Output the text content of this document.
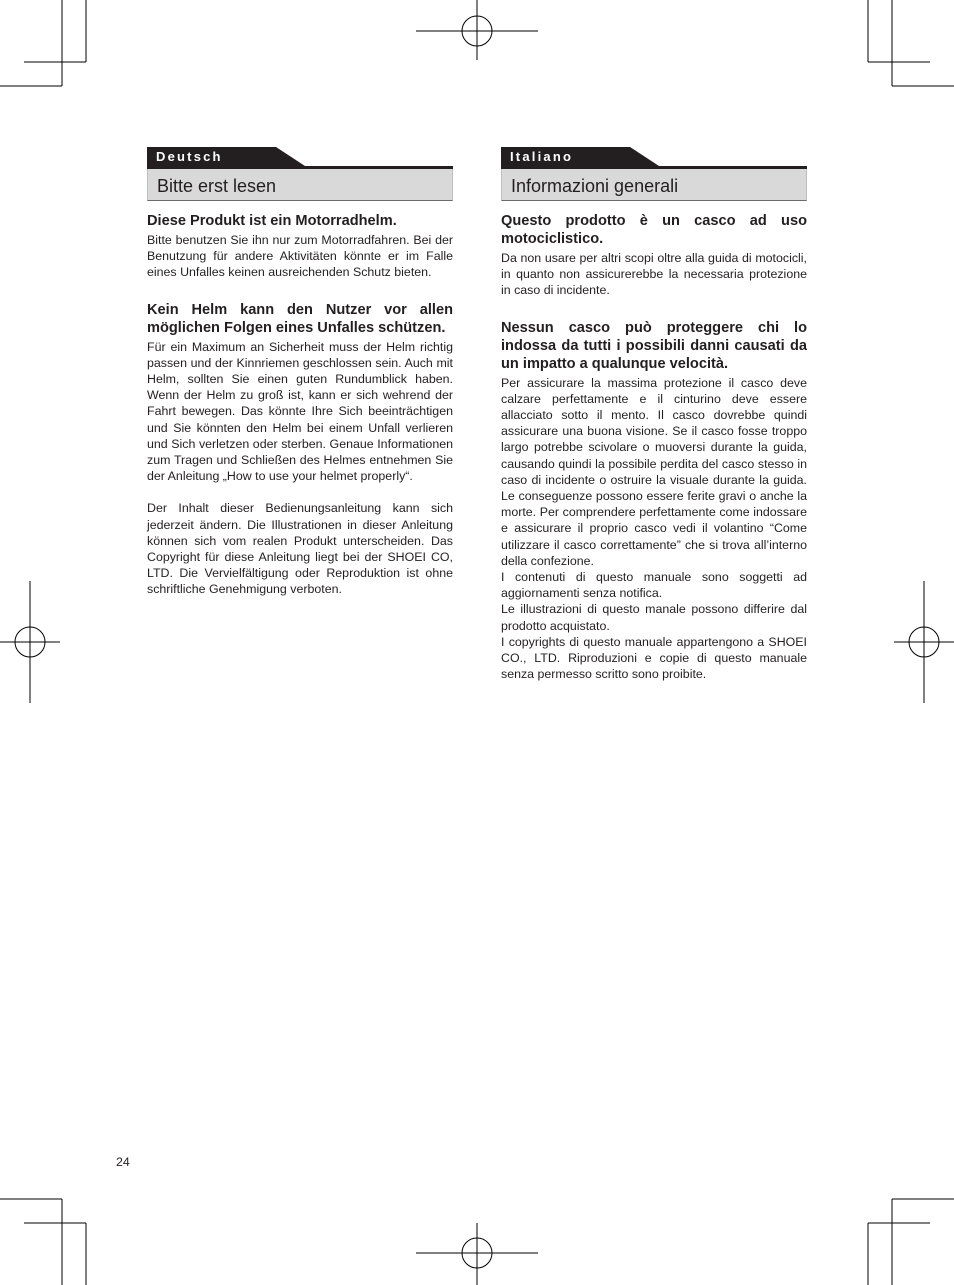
Deutsch
Bitte erst lesen
Diese Produkt ist ein Motorradhelm.

Bitte benutzen Sie ihn nur zum Motorradfahren. Bei der Benutzung für andere Aktivitäten könnte er im Falle eines Unfalles keinen ausreichenden Schutz bieten.

Kein Helm kann den Nutzer vor allen möglichen Folgen eines Unfalles schützen.

Für ein Maximum an Sicherheit muss der Helm richtig passen und der Kinnriemen geschlossen sein. Auch mit Helm, sollten Sie einen guten Rundumblick haben. Wenn der Helm zu groß ist, kann er sich wehrend der Fahrt bewegen. Das könnte Ihre Sich beeinträchtigen und Sie könnten den Helm bei einem Unfall verlieren und Sich verletzen oder sterben. Genaue Informationen zum Tragen und Schließen des Helmes entnehmen Sie der Anleitung „How to use your helmet properly“.

Der Inhalt dieser Bedienungsanleitung kann sich jederzeit ändern. Die Illustrationen in dieser Anleitung können sich vom realen Produkt unterscheiden. Das Copyright für diese Anleitung liegt bei der SHOEI CO, LTD. Die Vervielfältigung oder Reproduktion ist ohne schriftliche Genehmigung verboten.

Italiano
Informazioni generali
Questo prodotto è un casco ad uso motociclistico.

Da non usare per altri scopi oltre alla guida di motocicli, in quanto non assicurerebbe la necessaria protezione in caso di incidente.

Nessun casco può proteggere chi lo indossa da tutti i possibili danni causati da un impatto a qualunque velocità.

Per assicurare la massima protezione il casco deve calzare perfettamente e il cinturino deve essere allacciato sotto il mento. Il casco dovrebbe quindi assicurare una buona visione. Se il casco fosse troppo largo potrebbe scivolare o muoversi durante la guida, causando quindi la possibile perdita del casco stesso in caso di incidente o ostruire la visuale durante la guida. Le conseguenze possono essere ferite gravi o anche la morte. Per comprendere perfettamente come indossare e assicurare il proprio casco vedi il volantino “Come utilizzare il casco correttamente” che si trova all’interno della confezione.

I contenuti di questo manuale sono soggetti ad aggiornamenti senza notifica.

Le illustrazioni di questo manale possono differire dal prodotto acquistato.

I copyrights di questo manuale appartengono a SHOEI CO., LTD. Riproduzioni e copie di questo manuale senza permesso scritto sono proibite.

24
